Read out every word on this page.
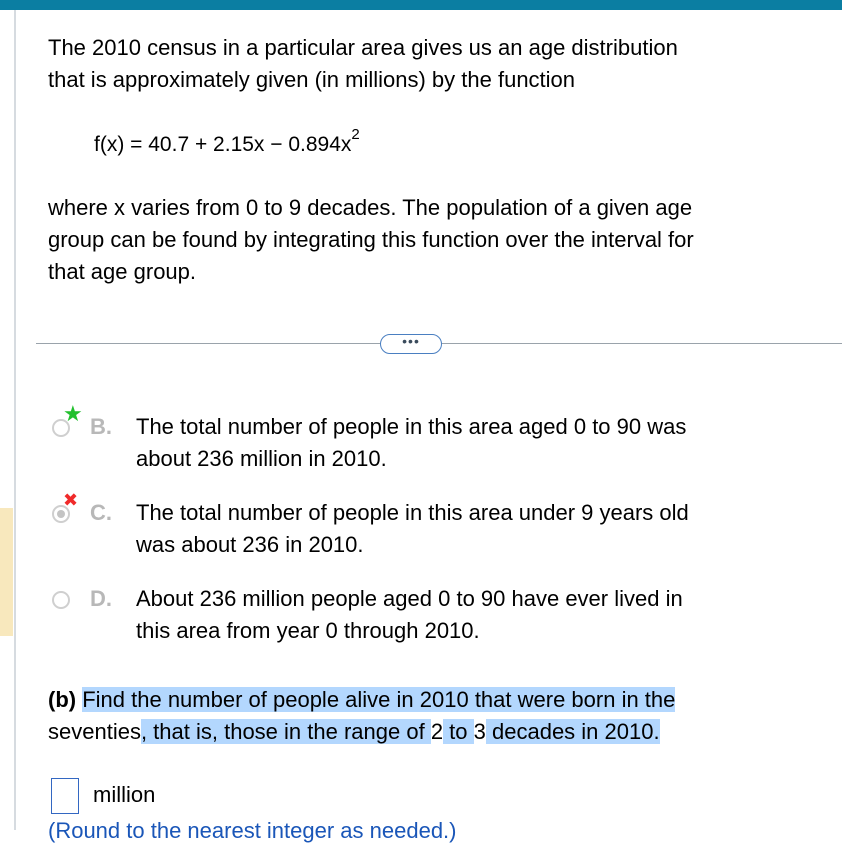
The 2010 census in a particular area gives us an age distribution
that is approximately given (in millions) by the function
$f(x) = 40.7 + 2.15x - 0.894x^2$
where x varies from 0 to 9 decades. The population of a given age
group can be found by integrating this function over the interval for
that age group.
•••
★
B. The total number of people in this area aged 0 to 90 was
about 236 million in 2010.
✖ C. The total number of people in this area under 9 years old
was about 236 in 2010.
D. About 236 million people aged 0 to 90 have ever lived in
this area from year 0 through 2010.
(b) Find the number of people alive in 2010 that were born in the
seventies, that is, those in the range of 2 to 3 decades in 2010.
million
(Round to the nearest integer as needed.)
